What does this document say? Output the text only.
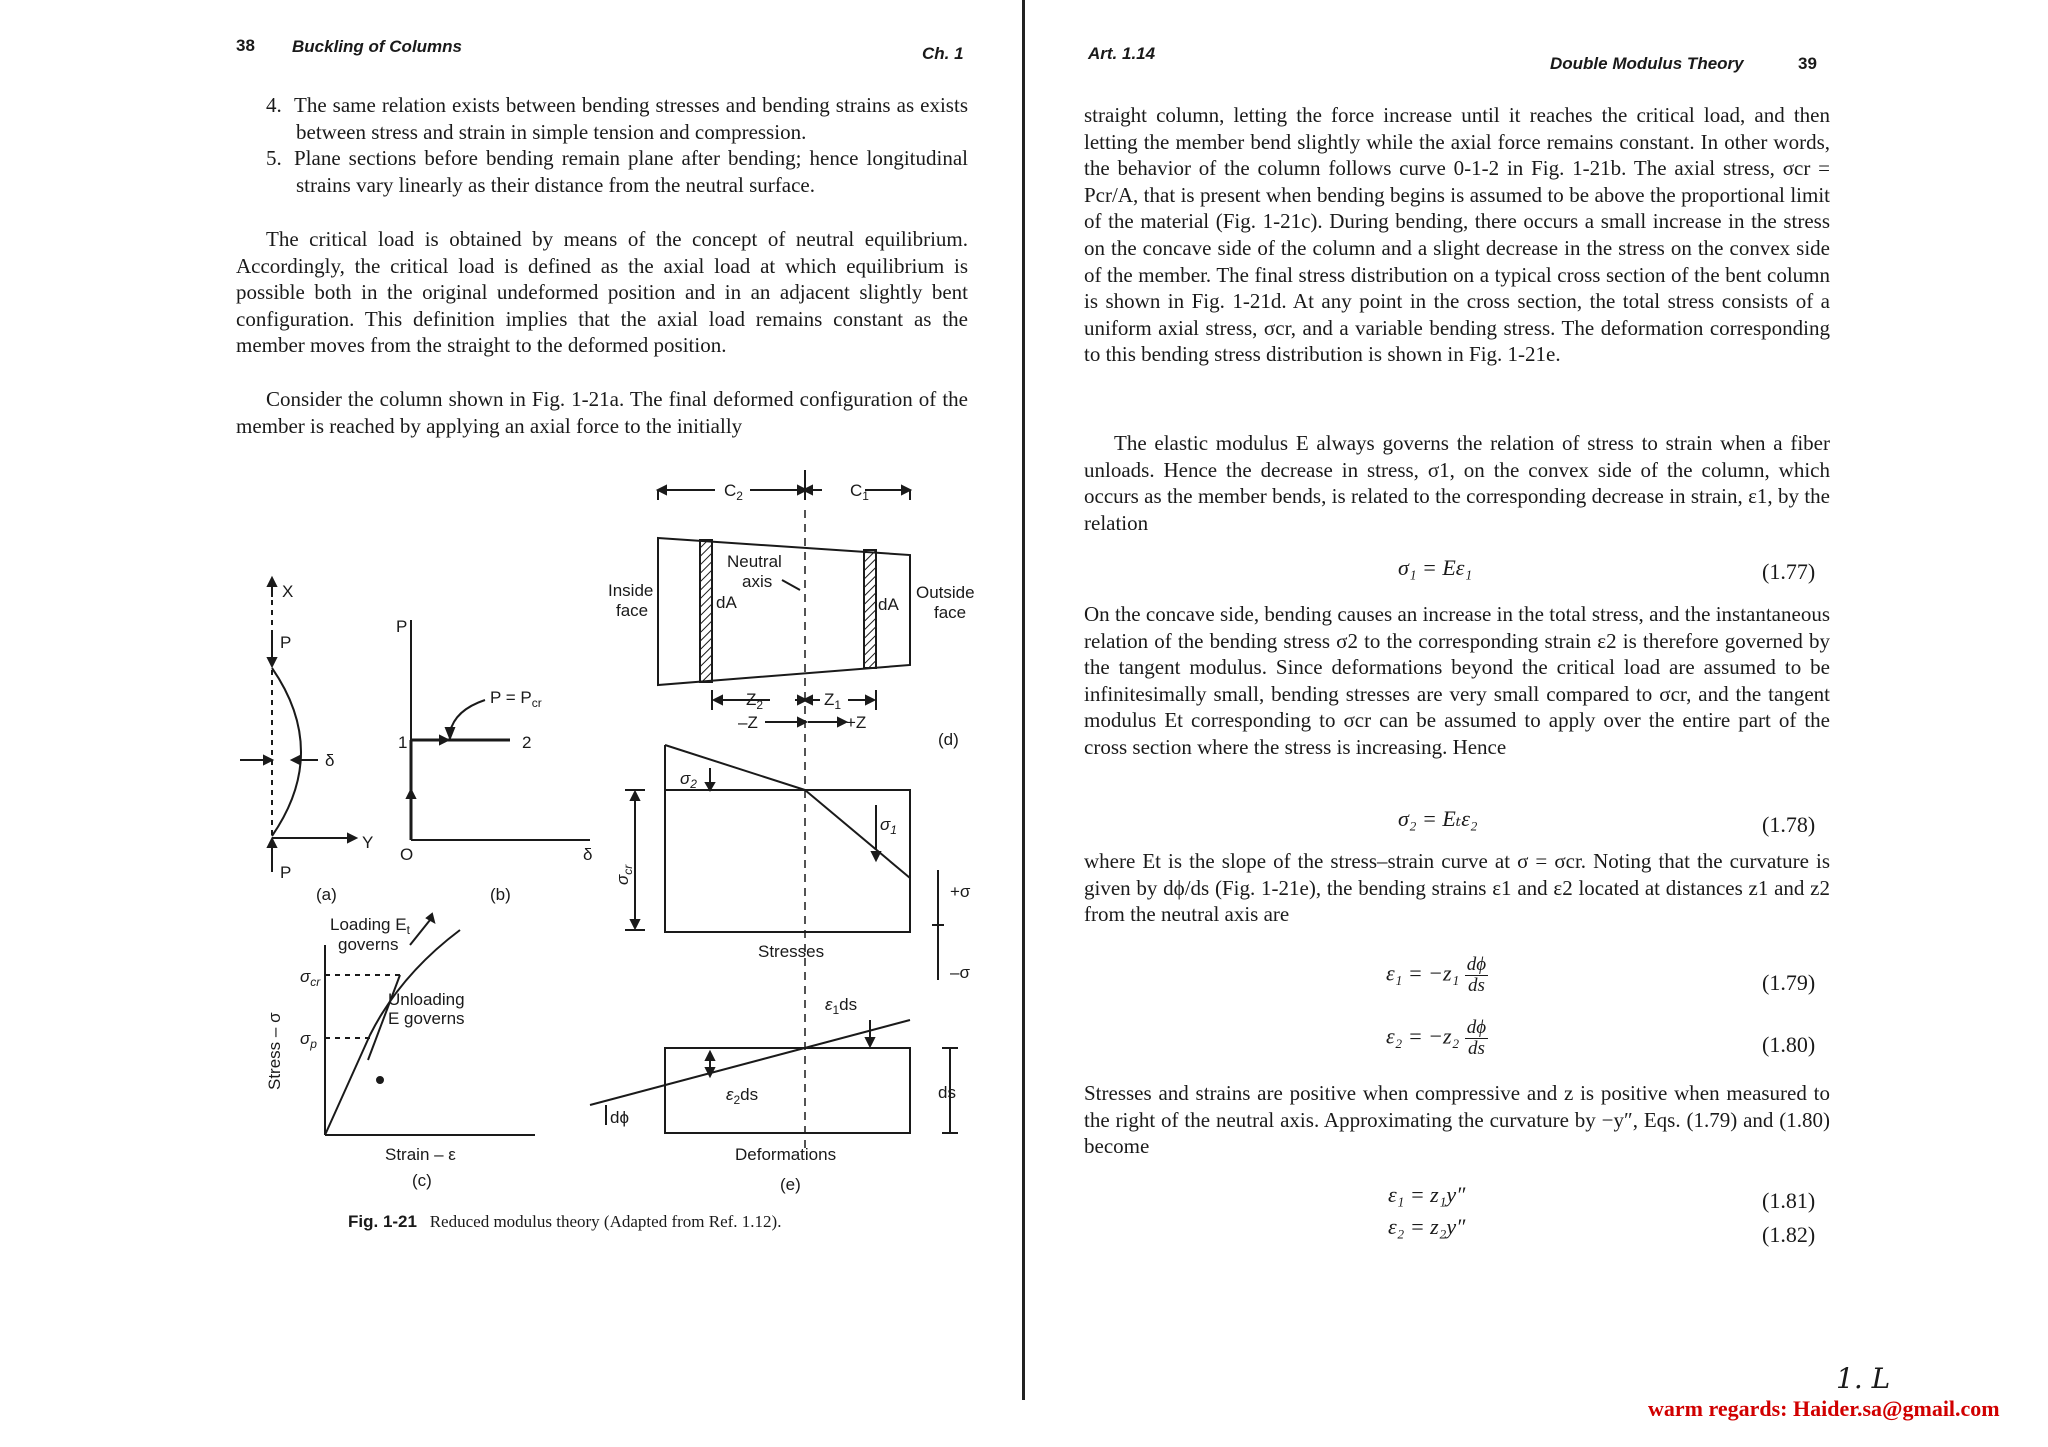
38 Buckling of Columns	Ch. 1

4. The same relation exists between bending stresses and bending strains as exists between stress and strain in simple tension and compression.

5. Plane sections before bending remain plane after bending; hence longitudinal strains vary linearly as their distance from the neutral surface.

The critical load is obtained by means of the concept of neutral equilibrium. Accordingly, the critical load is defined as the axial load at which equilibrium is possible both in the original undeformed position and in an adjacent slightly bent configuration. This definition implies that the axial load remains constant as the member moves from the straight to the deformed position.

Consider the column shown in Fig. 1-21a. The final deformed configuration of the member is reached by applying an axial force to the initially

X
P
P
δ
Y
(a)
P
O	δ
1	2
$P = P_{cr}$
(b)
Loading $E_t$
governs
Unloading
E governs
$\sigma_{cr}$
$\sigma_p$
Stress – σ
Strain – ε
(c)
$C_2$	$C_1$
Neutral
axis
Inside
face
Outside
face
dA	dA
$Z_2$	$Z_1$
–Z	+Z
(d)
$\sigma_2$
$\sigma_1$
$\sigma_{cr}$
Stresses
+σ
–σ
$\varepsilon_1ds$
$\varepsilon_2ds$
dϕ
ds
Deformations
(e)
Fig. 1-21 Reduced modulus theory (Adapted from Ref. 1.12).
Art. 1.14
Double Modulus Theory	39

straight column, letting the force increase until it reaches the critical load, and then letting the member bend slightly while the axial force remains constant. In other words, the behavior of the column follows curve 0-1-2 in Fig. 1-21b. The axial stress, σcr = Pcr/A, that is present when bending begins is assumed to be above the proportional limit of the material (Fig. 1-21c). During bending, there occurs a small increase in the stress on the concave side of the column and a slight decrease in the stress on the convex side of the member. The final stress distribution on a typical cross section of the bent column is shown in Fig. 1-21d. At any point in the cross section, the total stress consists of a uniform axial stress, σcr, and a variable bending stress. The deformation corresponding to this bending stress distribution is shown in Fig. 1-21e.

The elastic modulus E always governs the relation of stress to strain when a fiber unloads. Hence the decrease in stress, σ1, on the convex side of the column, which occurs as the member bends, is related to the corresponding decrease in strain, ε1, by the relation

σ₁ = Eε₁	(1.77)

On the concave side, bending causes an increase in the total stress, and the instantaneous relation of the bending stress σ2 to the corresponding strain ε2 is therefore governed by the tangent modulus. Since deformations beyond the critical load are assumed to be infinitesimally small, bending stresses are very small compared to σcr, and the tangent modulus Et corresponding to σcr can be assumed to apply over the entire part of the cross section where the stress is increasing. Hence

σ₂ = Eₜε₂	(1.78)

where Et is the slope of the stress–strain curve at σ = σcr. Noting that the curvature is given by dϕ/ds (Fig. 1-21e), the bending strains ε1 and ε2 located at distances z1 and z2 from the neutral axis are

$\varepsilon_1 = -z_1 \frac{d\phi}{ds}$	(1.79)
$\varepsilon_2 = -z_2 \frac{d\phi}{ds}$	(1.80)

Stresses and strains are positive when compressive and z is positive when measured to the right of the neutral axis. Approximating the curvature by −y″, Eqs. (1.79) and (1.80) become

ε₁ = z₁y″	(1.81)
ε₂ = z₂y″	(1.82)
1. L
warm regards: Haider.sa@gmail.com
